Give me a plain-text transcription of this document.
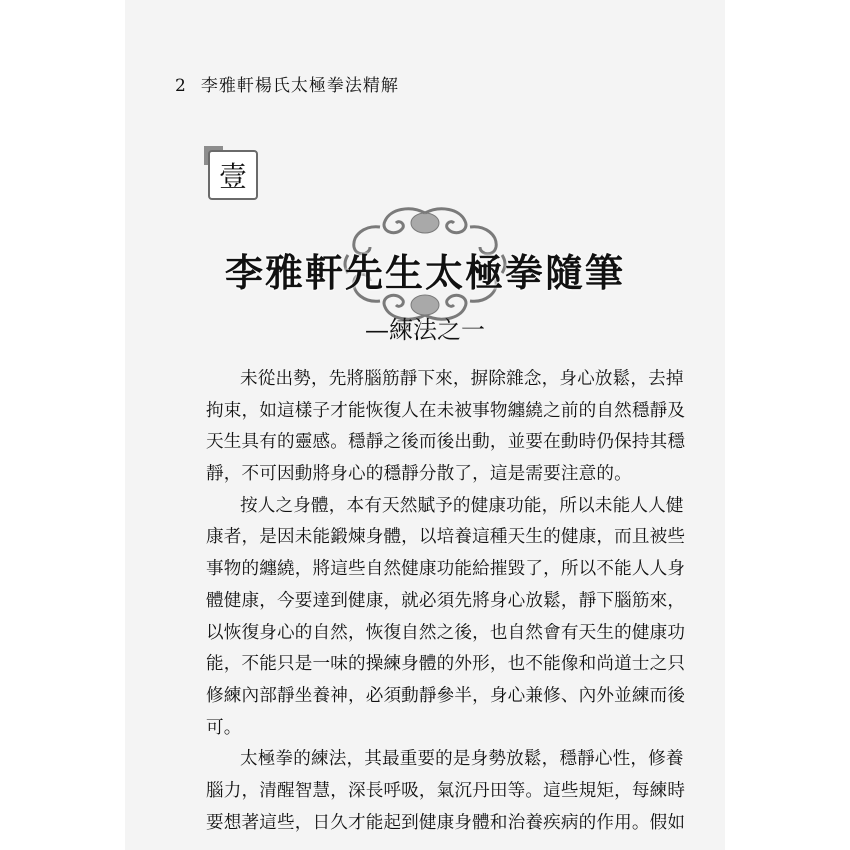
2 李雅軒楊氏太極拳法精解
壹
李雅軒先生太極拳隨筆
—練法之一
未從出勢，先將腦筋靜下來，摒除雜念，身心放鬆，去掉
拘束，如這樣子才能恢復人在未被事物纏繞之前的自然穩靜及
天生具有的靈感。穩靜之後而後出動，並要在動時仍保持其穩
靜，不可因動將身心的穩靜分散了，這是需要注意的。
按人之身體，本有天然賦予的健康功能，所以未能人人健
康者，是因未能鍛煉身體，以培養這種天生的健康，而且被些
事物的纏繞，將這些自然健康功能給摧毀了，所以不能人人身
體健康，今要達到健康，就必須先將身心放鬆，靜下腦筋來，
以恢復身心的自然，恢復自然之後，也自然會有天生的健康功
能，不能只是一味的操練身體的外形，也不能像和尚道士之只
修練內部靜坐養神，必須動靜參半，身心兼修、內外並練而後
可。
太極拳的練法，其最重要的是身勢放鬆，穩靜心性，修養
腦力，清醒智慧，深長呼吸，氣沉丹田等。這些規矩，每練時
要想著這些，日久才能起到健康身體和治養疾病的作用。假如
